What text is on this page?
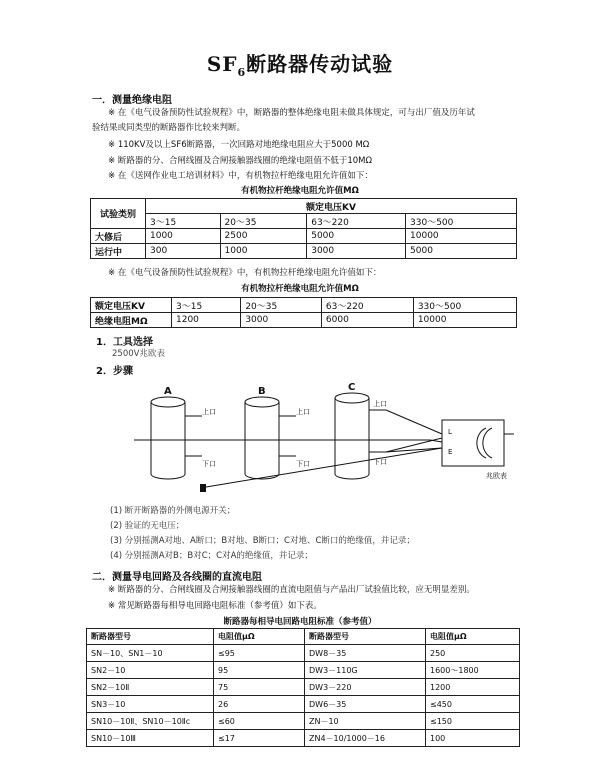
$SF_6$断路器传动试验
一．测量绝缘电阻
※ 在《电气设备预防性试验规程》中，断路器的整体绝缘电阻未做具体规定，可与出厂值及历年试
验结果或同类型的断路器作比较来判断。
※ 110KV及以上SF6断路器，一次回路对地绝缘电阻应大于5000 MΩ
※ 断路器的分、合闸线圈及合闸接触器线圈的绝缘电阻值不低于10MΩ
※ 在《送网作业电工培训材料》中，有机物拉杆绝缘电阻允许值如下：
有机物拉杆绝缘电阻允许值MΩ
试验类别	额定电压KV			
	3～15	20～35	63～220	330～500
大修后	1000	2500	5000	10000
运行中	300	1000	3000	5000
※ 在《电气设备预防性试验规程》中，有机物拉杆绝缘电阻允许值如下：
有机物拉杆绝缘电阻允许值MΩ
额定电压KV	3～15	20～35	63～220	330～500
绝缘电阻MΩ	1200	3000	6000	10000
1．工具选择
2500V兆欧表
2．步骤
A	B	C
上口
下口
上口
下口
上口
下口
L
E
兆欧表
(1) 断开断路器的外侧电源开关；
(2) 验证的无电压；
(3) 分别摇测A对地、A断口；B对地、B断口；C对地、C断口的绝缘值，并记录；
(4) 分别摇测A对B；B对C；C对A的绝缘值，并记录；
二．测量导电回路及各线圈的直流电阻
※ 断路器的分、合闸线圈及合闸接触器线圈的直流电阻值与产品出厂试验值比较，应无明显差别。
※ 常见断路器每相导电回路电阻标准（参考值）如下表。
断路器每相导电回路电阻标准（参考值）
断路器型号	电阻值μΩ	断路器型号	电阻值μΩ
SN－10、SN1－10	≤95	DW8－35	250
SN2－10	95	DW3－110G	1600～1800
SN2－10Ⅱ	75	DW3－220	1200
SN3－10	26	DW6－35	≤450
SN10－10Ⅱ、SN10－10Ⅱc	≤60	ZN－10	≤150
SN10－10Ⅲ	≤17	ZN4－10/1000－16	100
